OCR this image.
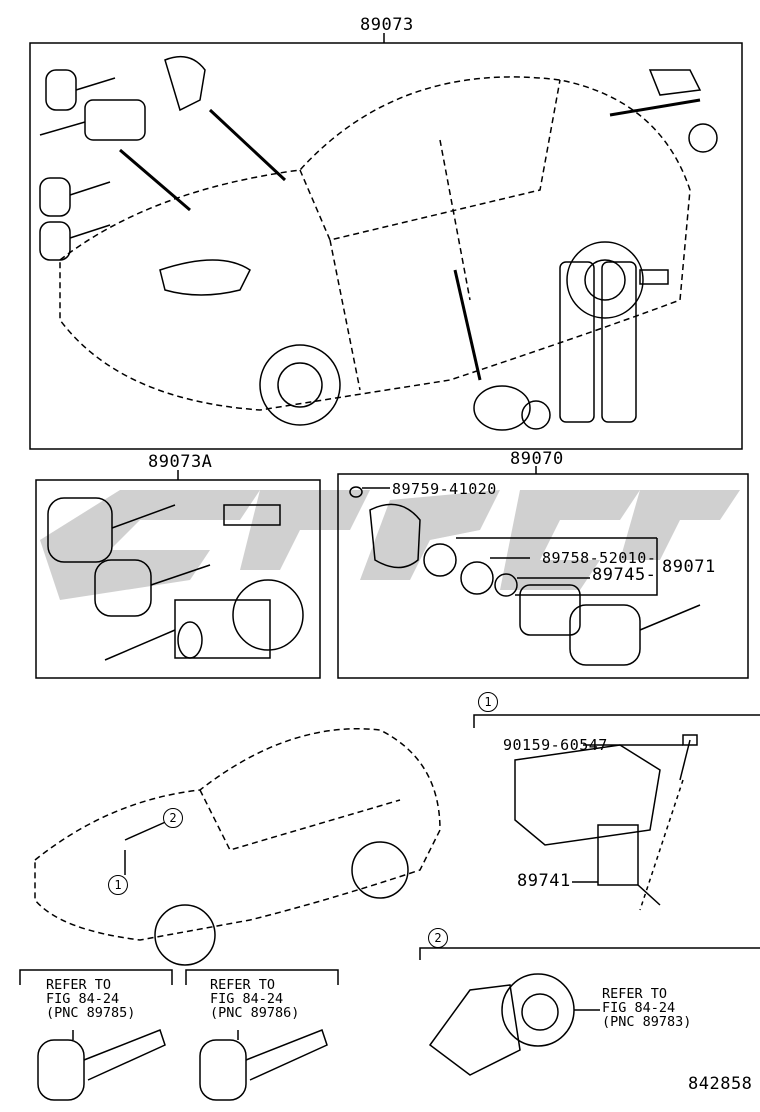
89073
89073A	89070
89759-41020
89758-52010-
89745- 89071
1
90159-60547
89741
2
REFER TO
FIG 84-24
(PNC 89783)
2
1
REFER TO
FIG 84-24
(PNC 89785)
REFER TO
FIG 84-24
(PNC 89786)
842858
